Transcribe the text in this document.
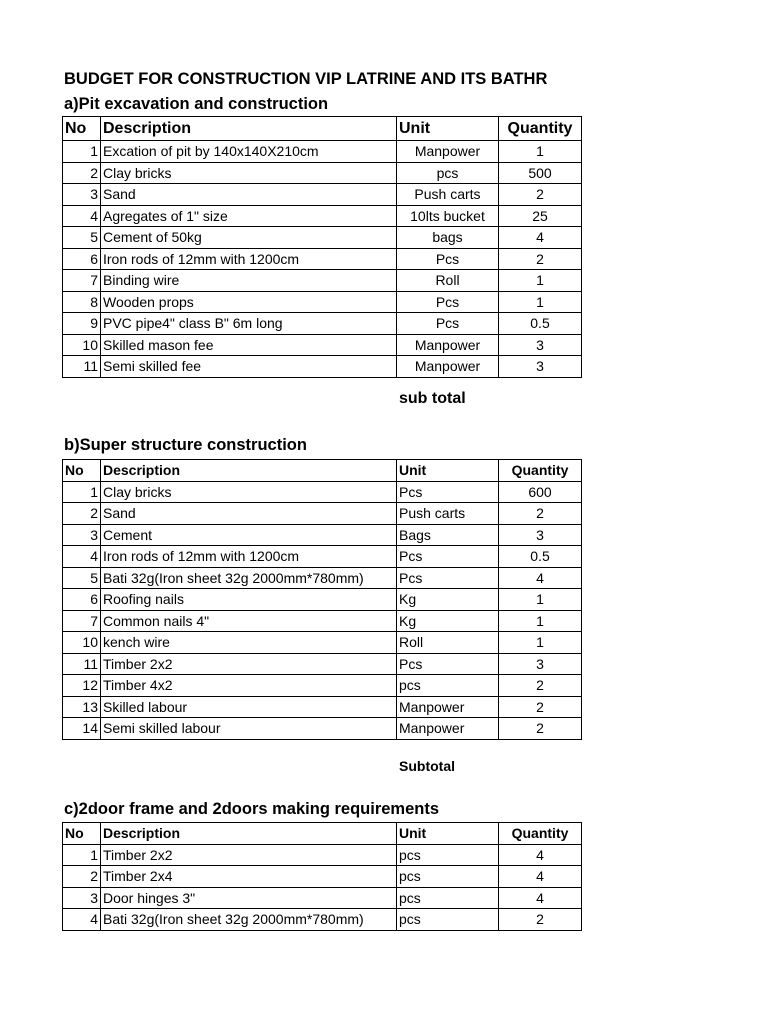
BUDGET FOR CONSTRUCTION VIP LATRINE AND ITS BATHR
a)Pit excavation and construction
No	Description	Unit	Quantity
1	Excation of pit by 140x140X210cm	Manpower	1
2	Clay bricks	pcs	500
3	Sand	Push carts	2
4	Agregates of 1" size	10lts bucket	25
5	Cement of 50kg	bags	4
6	Iron rods of 12mm with 1200cm	Pcs	2
7	Binding wire	Roll	1
8	Wooden props	Pcs	1
9	PVC pipe4" class B" 6m long	Pcs	0.5
10	Skilled mason fee	Manpower	3
11	Semi skilled fee	Manpower	3
sub total
b)Super structure construction
No	Description	Unit	Quantity
1	Clay bricks	Pcs	600
2	Sand	Push carts	2
3	Cement	Bags	3
4	Iron rods of 12mm with 1200cm	Pcs	0.5
5	Bati 32g(Iron sheet 32g 2000mm*780mm)	Pcs	4
6	Roofing nails	Kg	1
7	Common nails 4"	Kg	1
10	kench wire	Roll	1
11	Timber 2x2	Pcs	3
12	Timber 4x2	pcs	2
13	Skilled labour	Manpower	2
14	Semi skilled labour	Manpower	2
Subtotal
c)2door frame and 2doors making requirements
No	Description	Unit	Quantity
1	Timber 2x2	pcs	4
2	Timber 2x4	pcs	4
3	Door hinges 3"	pcs	4
4	Bati 32g(Iron sheet 32g 2000mm*780mm)	pcs	2
